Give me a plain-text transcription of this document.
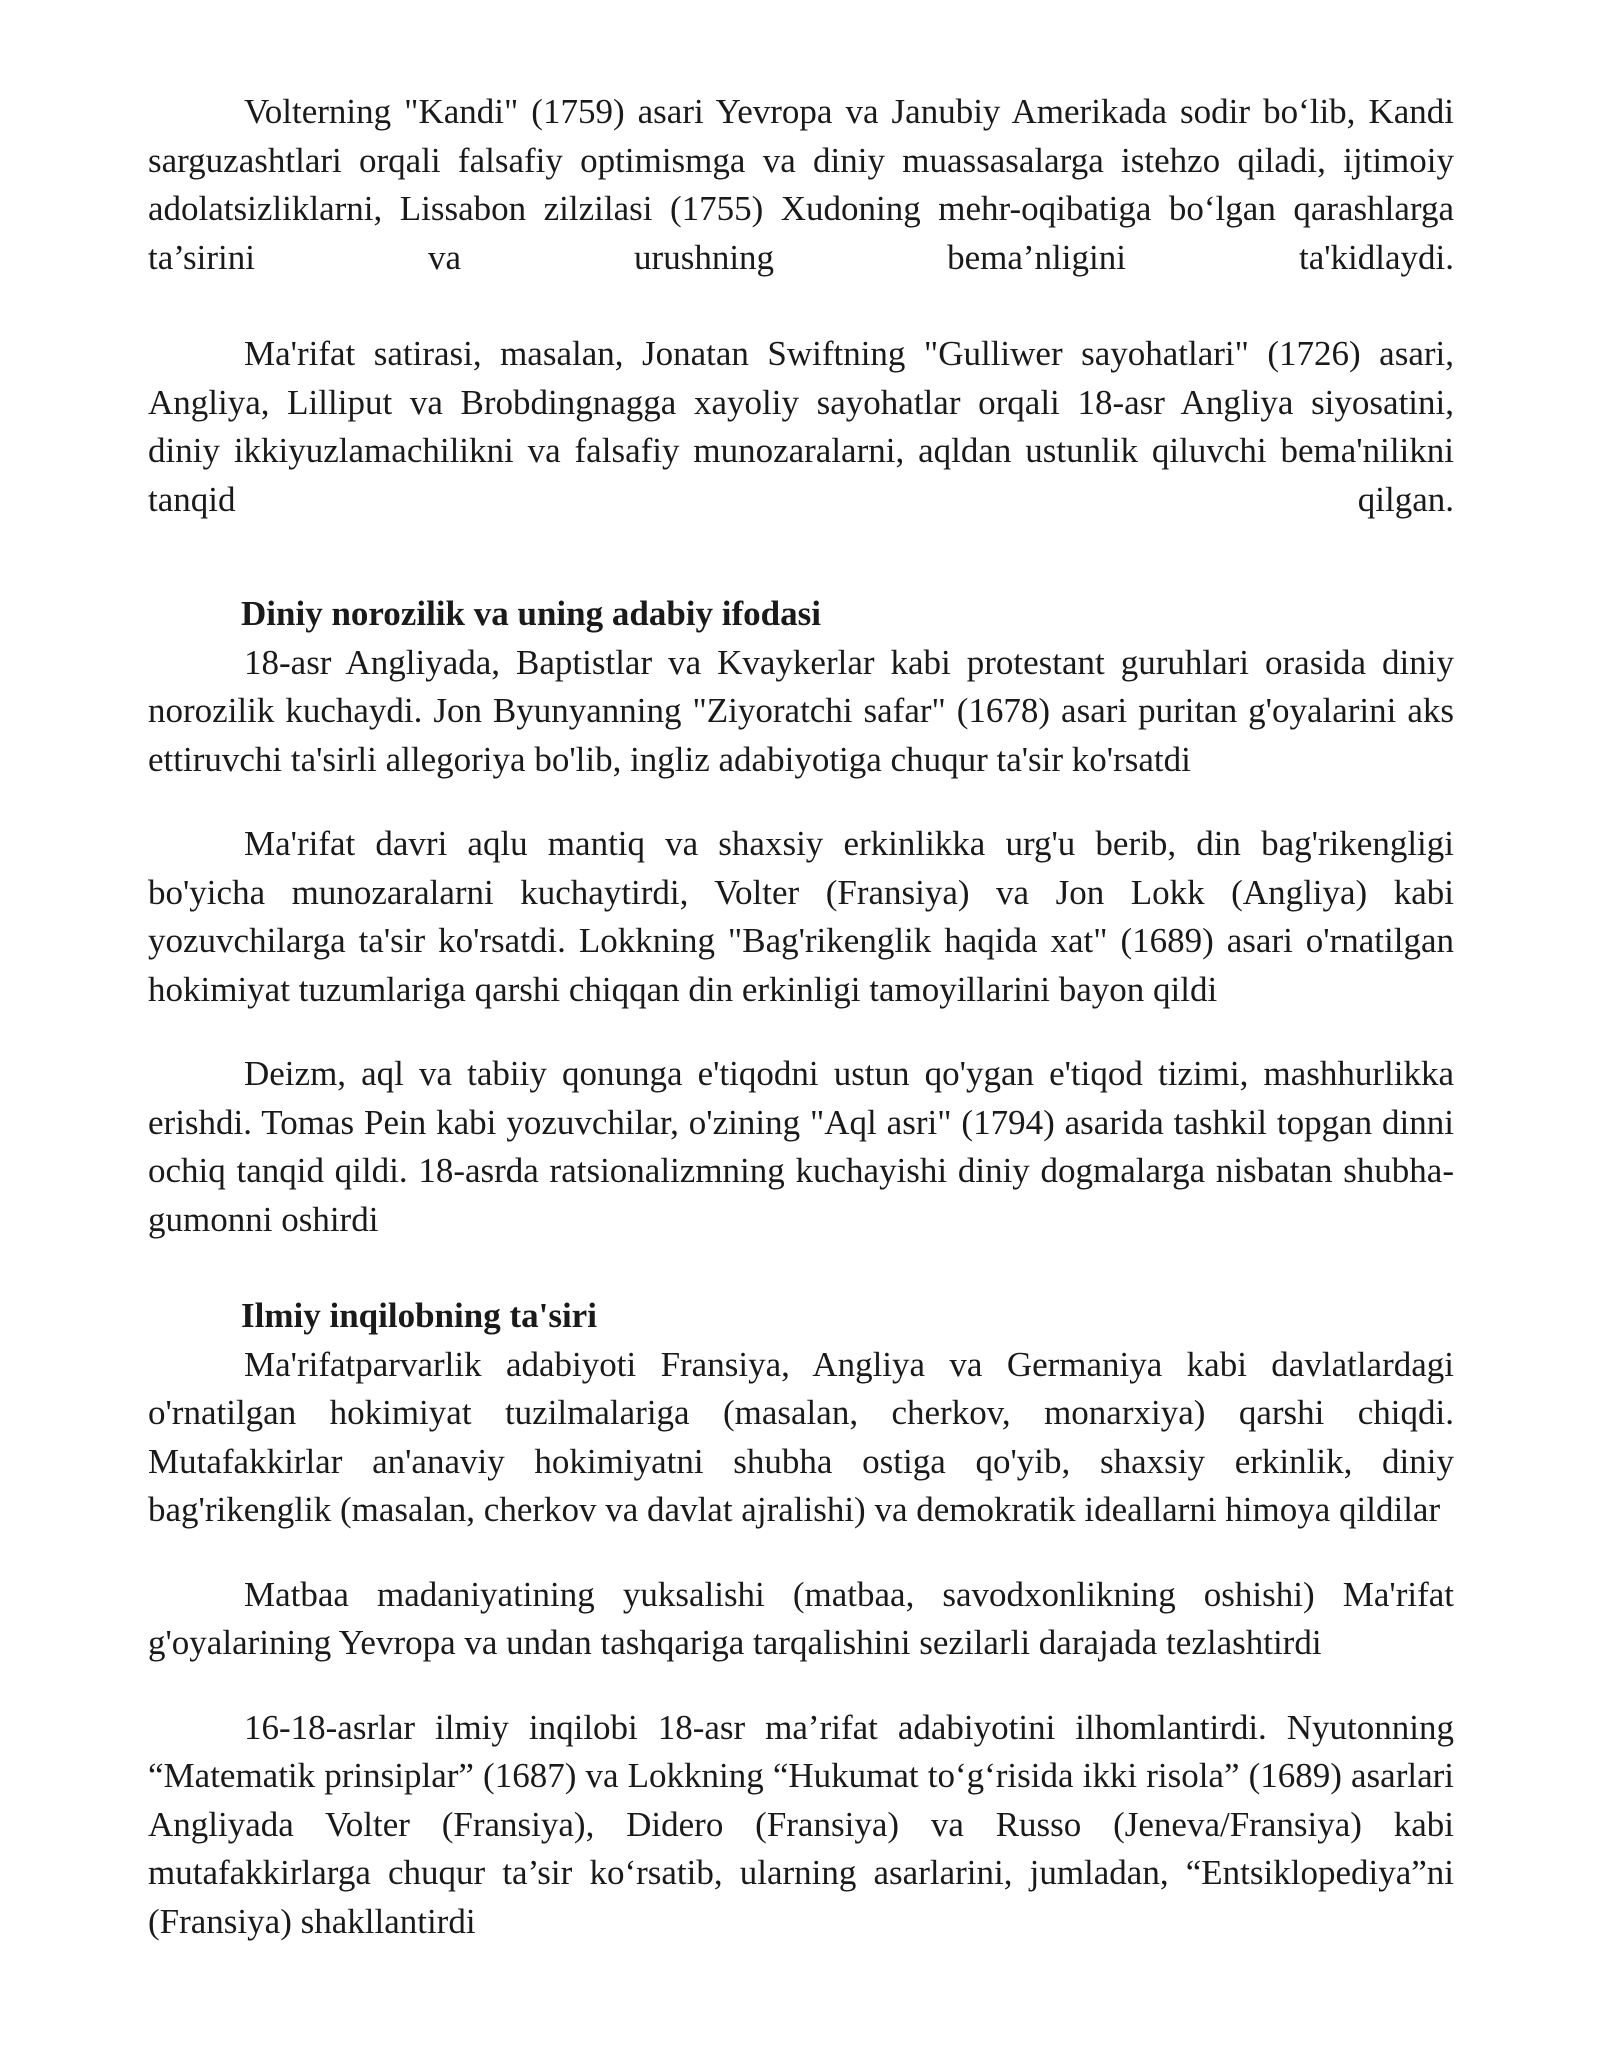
Volterning "Kandi" (1759) asari Yevropa va Janubiy Amerikada sodir bo‘lib, Kandi sarguzashtlari orqali falsafiy optimismga va diniy muassasalarga istehzo qiladi, ijtimoiy adolatsizliklarni, Lissabon zilzilasi (1755) Xudoning mehr-oqibatiga bo‘lgan qarashlarga ta’sirini va urushning bema’nligini ta'kidlaydi.

Ma'rifat satirasi, masalan, Jonatan Swiftning "Gulliwer sayohatlari" (1726) asari, Angliya, Lilliput va Brobdingnagga xayoliy sayohatlar orqali 18-asr Angliya siyosatini, diniy ikkiyuzlamachilikni va falsafiy munozaralarni, aqldan ustunlik qiluvchi bema'nilikni tanqid qilgan.

Diniy norozilik va uning adabiy ifodasi

18-asr Angliyada, Baptistlar va Kvaykerlar kabi protestant guruhlari orasida diniy norozilik kuchaydi. Jon Byunyanning "Ziyoratchi safar" (1678) asari puritan g'oyalarini aks ettiruvchi ta'sirli allegoriya bo'lib, ingliz adabiyotiga chuqur ta'sir ko'rsatdi

Ma'rifat davri aqlu mantiq va shaxsiy erkinlikka urg'u berib, din bag'rikengligi bo'yicha munozaralarni kuchaytirdi, Volter (Fransiya) va Jon Lokk (Angliya) kabi yozuvchilarga ta'sir ko'rsatdi. Lokkning "Bag'rikenglik haqida xat" (1689) asari o'rnatilgan hokimiyat tuzumlariga qarshi chiqqan din erkinligi tamoyillarini bayon qildi

Deizm, aql va tabiiy qonunga e'tiqodni ustun qo'ygan e'tiqod tizimi, mashhurlikka erishdi. Tomas Pein kabi yozuvchilar, o'zining "Aql asri" (1794) asarida tashkil topgan dinni ochiq tanqid qildi. 18-asrda ratsionalizmning kuchayishi diniy dogmalarga nisbatan shubha-gumonni oshirdi

Ilmiy inqilobning ta'siri

Ma'rifatparvarlik adabiyoti Fransiya, Angliya va Germaniya kabi davlatlardagi o'rnatilgan hokimiyat tuzilmalariga (masalan, cherkov, monarxiya) qarshi chiqdi. Mutafakkirlar an'anaviy hokimiyatni shubha ostiga qo'yib, shaxsiy erkinlik, diniy bag'rikenglik (masalan, cherkov va davlat ajralishi) va demokratik ideallarni himoya qildilar

Matbaa madaniyatining yuksalishi (matbaa, savodxonlikning oshishi) Ma'rifat g'oyalarining Yevropa va undan tashqariga tarqalishini sezilarli darajada tezlashtirdi

16-18-asrlar ilmiy inqilobi 18-asr ma’rifat adabiyotini ilhomlantirdi. Nyutonning “Matematik prinsiplar” (1687) va Lokkning “Hukumat to‘g‘risida ikki risola” (1689) asarlari Angliyada Volter (Fransiya), Didero (Fransiya) va Russo (Jeneva/Fransiya) kabi mutafakkirlarga chuqur ta’sir ko‘rsatib, ularning asarlarini, jumladan, “Entsiklopediya”ni (Fransiya) shakllantirdi
